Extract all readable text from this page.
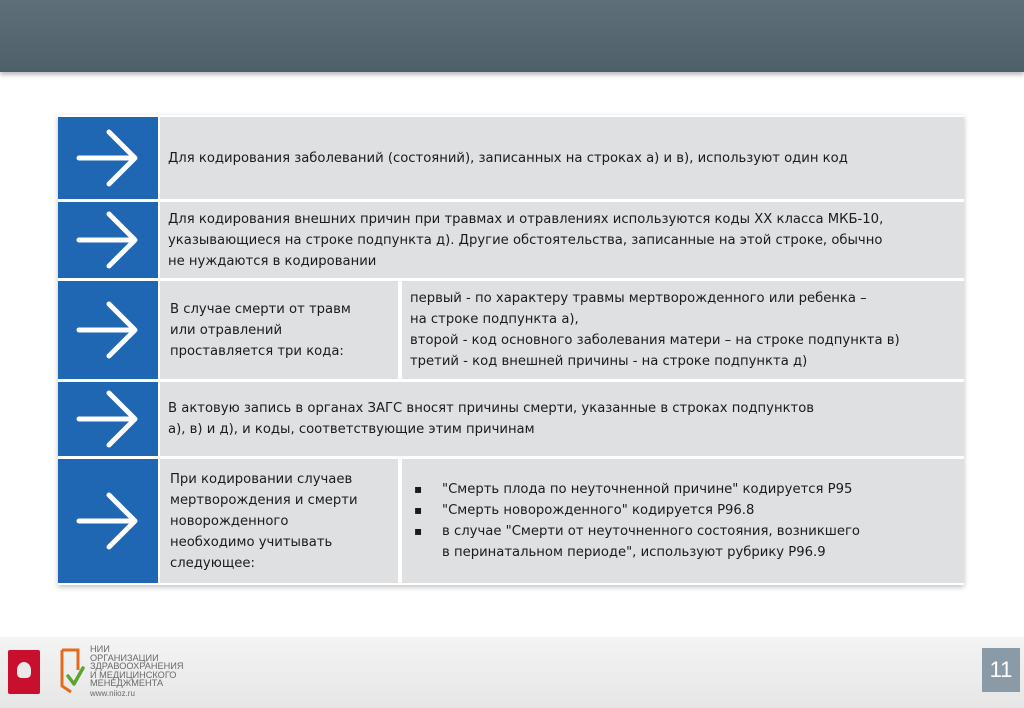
Для кодирования заболеваний (состояний), записанных на строках а) и в), используют один код
Для кодирования внешних причин при травмах и отравлениях используются коды XX класса МКБ-10,
указывающиеся на строке подпункта д). Другие обстоятельства, записанные на этой строке, обычно
не нуждаются в кодировании
В случае смерти от травм
или отравлений
проставляется три кода:
первый - по характеру травмы мертворожденного или ребенка –
на строке подпункта а),
второй - код основного заболевания матери – на строке подпункта в)
третий - код внешней причины - на строке подпункта д)
В актовую запись в органах ЗАГС вносят причины смерти, указанные в строках подпунктов
а), в) и д), и коды, соответствующие этим причинам
При кодировании случаев
мертворождения и смерти
новорожденного
необходимо учитывать
следующее:
▪ "Смерть плода по неуточненной причине" кодируется P95
▪ "Смерть новорожденного" кодируется P96.8
▪ в случае "Смерти от неуточненного состояния, возникшего
в перинатальном периоде", используют рубрику P96.9
НИИ
ОРГАНИЗАЦИИ
ЗДРАВООХРАНЕНИЯ
И МЕДИЦИНСКОГО
МЕНЕДЖМЕНТА
www.niioz.ru
11
